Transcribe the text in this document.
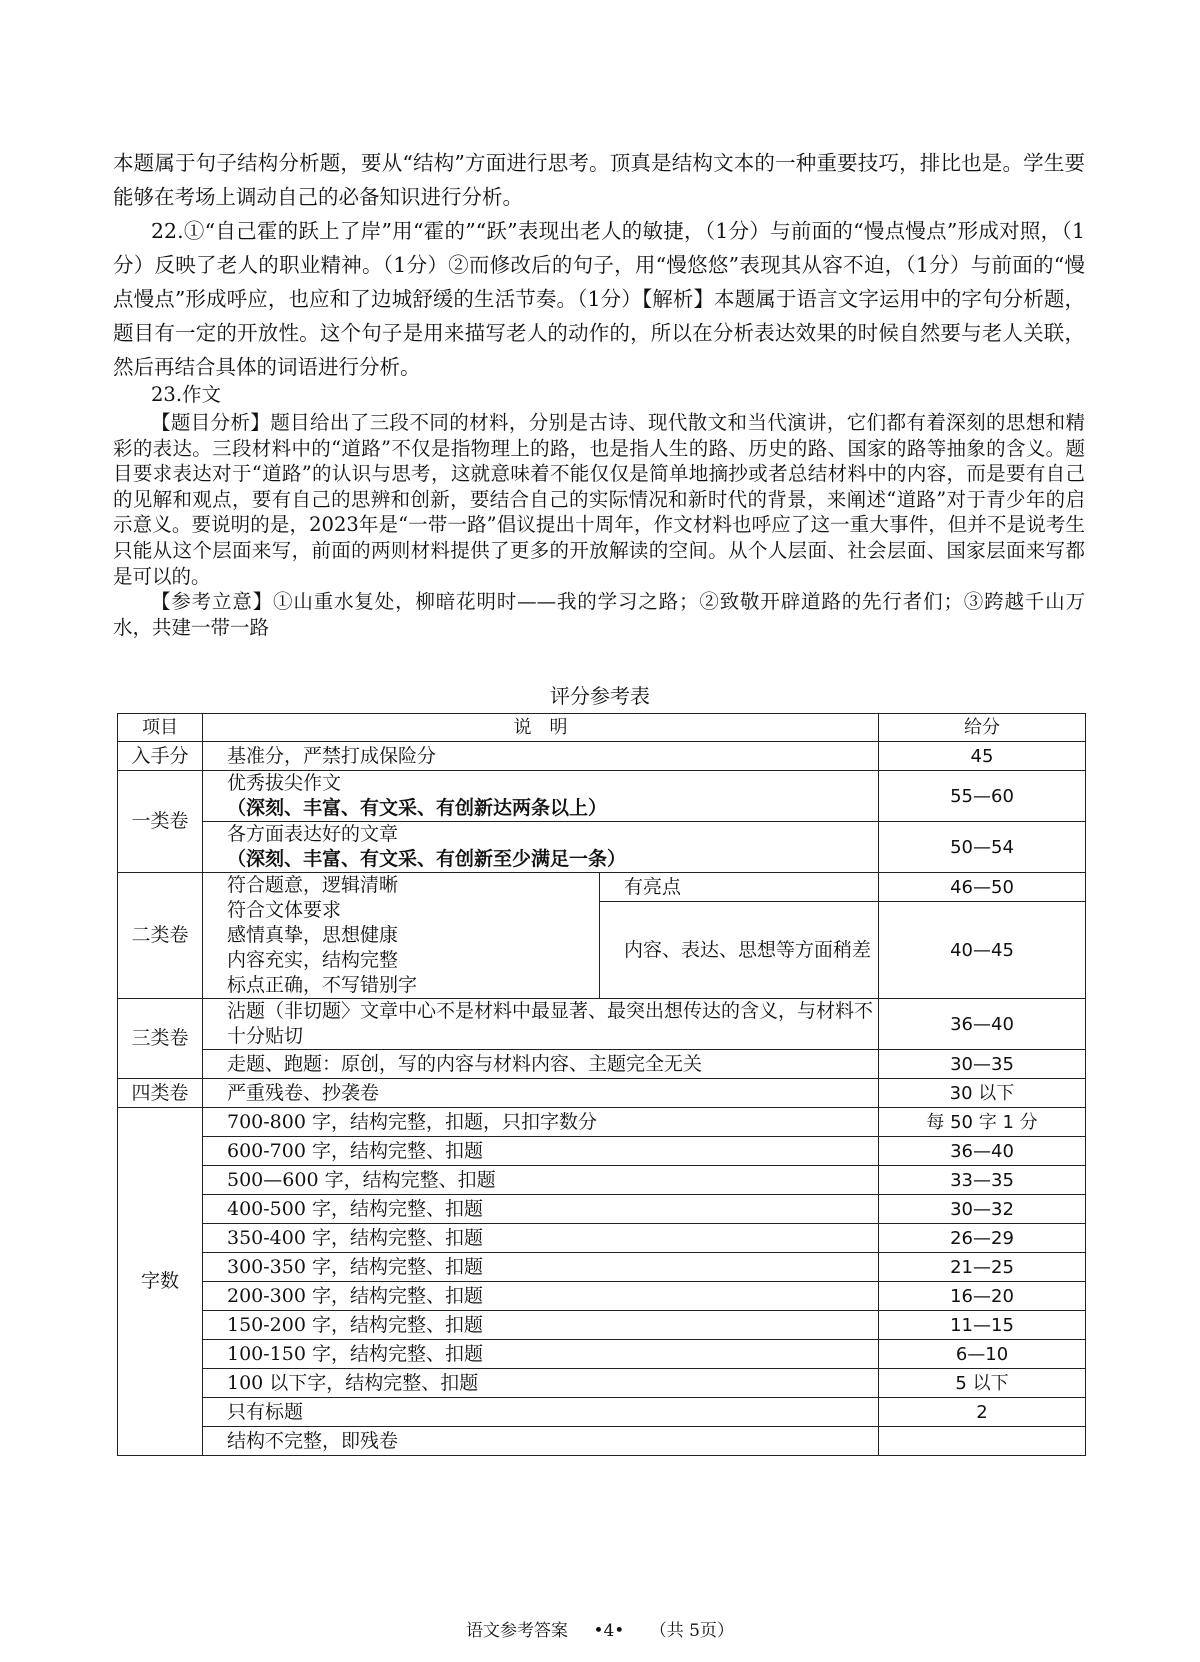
本题属于句子结构分析题，要从“结构”方面进行思考。顶真是结构文本的一种重要技巧，排比也是。学生要能够在考场上调动自己的必备知识进行分析。

22.①“自己霍的跃上了岸”用“霍的”“跃”表现出老人的敏捷，（1分）与前面的“慢点慢点”形成对照，（1分）反映了老人的职业精神。（1分）②而修改后的句子，用“慢悠悠”表现其从容不迫，（1分）与前面的“慢点慢点”形成呼应，也应和了边城舒缓的生活节奏。（1分）【解析】本题属于语言文字运用中的字句分析题，题目有一定的开放性。这个句子是用来描写老人的动作的，所以在分析表达效果的时候自然要与老人关联，然后再结合具体的词语进行分析。

23.作文

【题目分析】题目给出了三段不同的材料，分别是古诗、现代散文和当代演讲，它们都有着深刻的思想和精彩的表达。三段材料中的“道路”不仅是指物理上的路，也是指人生的路、历史的路、国家的路等抽象的含义。题目要求表达对于“道路”的认识与思考，这就意味着不能仅仅是简单地摘抄或者总结材料中的内容，而是要有自己的见解和观点，要有自己的思辨和创新，要结合自己的实际情况和新时代的背景，来阐述“道路”对于青少年的启示意义。要说明的是，2023年是“一带一路”倡议提出十周年，作文材料也呼应了这一重大事件，但并不是说考生只能从这个层面来写，前面的两则材料提供了更多的开放解读的空间。从个人层面、社会层面、国家层面来写都是可以的。

【参考立意】①山重水复处，柳暗花明时——我的学习之路；②致敬开辟道路的先行者们；③跨越千山万水，共建一带一路

评分参考表
项目	说　明		给分
入手分	基准分，严禁打成保险分		45
一类卷	优秀拔尖作文
（深刻、丰富、有文采、有创新达两条以上）		55—60

	各方面表达好的文章
（深刻、丰富、有文采、有创新至少满足一条）		50—54
二类卷	符合题意，逻辑清晰
符合文体要求
感情真挚，思想健康
内容充实，结构完整
标点正确，不写错别字	有亮点	46—50
		内容、表达、思想等方面稍差	40—45
三类卷	沾题（非切题〉文章中心不是材料中最显著、最突出想传达的含义，与材料不十分贴切		36—40
	走题、跑题：原创，写的内容与材料内容、主题完全无关		30—35
四类卷	严重残卷、抄袭卷		30 以下
字数	700-800 字，结构完整，扣题，只扣字数分		每 50 字 1 分
	600-700 字，结构完整、扣题		36—40
	500—600 字，结构完整、扣题		33—35
	400-500 字，结构完整、扣题		30—32
	350-400 字，结构完整、扣题		26—29
	300-350 字，结构完整、扣题		21—25
	200-300 字，结构完整、扣题		16—20
	150-200 字，结构完整、扣题		11—15
	100-150 字，结构完整、扣题		6—10
	100 以下字，结构完整、扣题		5 以下
	只有标题		2
	结构不完整，即残卷		
语文参考答案 •4• （共 5页）
